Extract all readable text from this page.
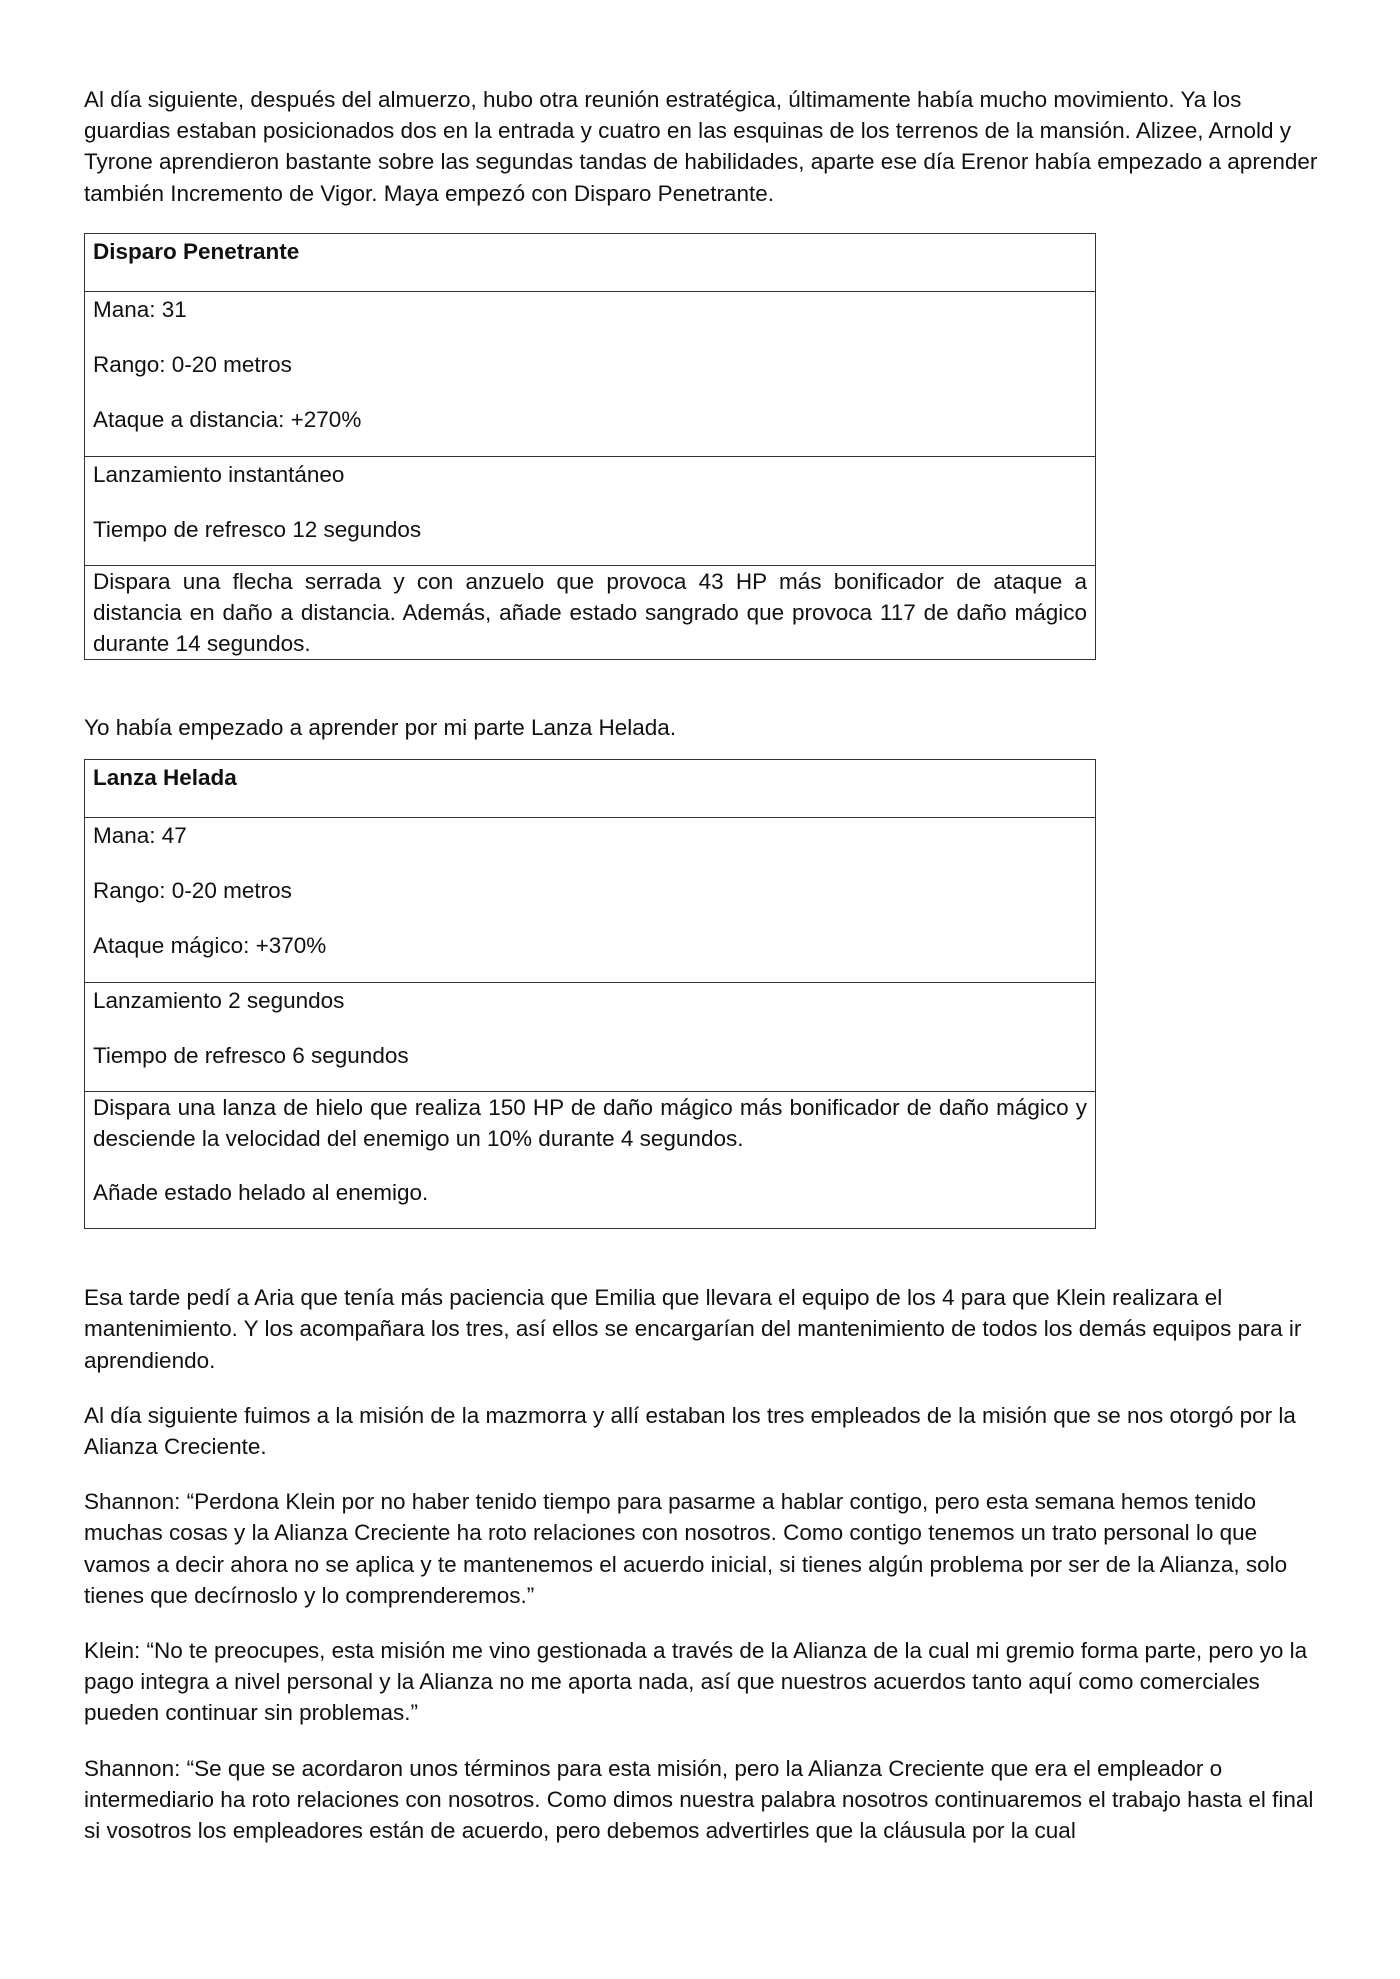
Al día siguiente, después del almuerzo, hubo otra reunión estratégica, últimamente había mucho movimiento. Ya los guardias estaban posicionados dos en la entrada y cuatro en las esquinas de los terrenos de la mansión. Alizee, Arnold y Tyrone aprendieron bastante sobre las segundas tandas de habilidades, aparte ese día Erenor había empezado a aprender también Incremento de Vigor. Maya empezó con Disparo Penetrante.

Disparo Penetrante

Mana: 31

Rango: 0-20 metros

Ataque a distancia: +270%

Lanzamiento instantáneo

Tiempo de refresco 12 segundos

Dispara una flecha serrada y con anzuelo que provoca 43 HP más bonificador de ataque a distancia en daño a distancia. Además, añade estado sangrado que provoca 117 de daño mágico durante 14 segundos.

Yo había empezado a aprender por mi parte Lanza Helada.

Lanza Helada

Mana: 47

Rango: 0-20 metros

Ataque mágico: +370%

Lanzamiento 2 segundos

Tiempo de refresco 6 segundos

Dispara una lanza de hielo que realiza 150 HP de daño mágico más bonificador de daño mágico y desciende la velocidad del enemigo un 10% durante 4 segundos.

Añade estado helado al enemigo.

Esa tarde pedí a Aria que tenía más paciencia que Emilia que llevara el equipo de los 4 para que Klein realizara el mantenimiento. Y los acompañara los tres, así ellos se encargarían del mantenimiento de todos los demás equipos para ir aprendiendo.

Al día siguiente fuimos a la misión de la mazmorra y allí estaban los tres empleados de la misión que se nos otorgó por la Alianza Creciente.

Shannon: “Perdona Klein por no haber tenido tiempo para pasarme a hablar contigo, pero esta semana hemos tenido muchas cosas y la Alianza Creciente ha roto relaciones con nosotros. Como contigo tenemos un trato personal lo que vamos a decir ahora no se aplica y te mantenemos el acuerdo inicial, si tienes algún problema por ser de la Alianza, solo tienes que decírnoslo y lo comprenderemos.”

Klein: “No te preocupes, esta misión me vino gestionada a través de la Alianza de la cual mi gremio forma parte, pero yo la pago integra a nivel personal y la Alianza no me aporta nada, así que nuestros acuerdos tanto aquí como comerciales pueden continuar sin problemas.”

Shannon: “Se que se acordaron unos términos para esta misión, pero la Alianza Creciente que era el empleador o intermediario ha roto relaciones con nosotros. Como dimos nuestra palabra nosotros continuaremos el trabajo hasta el final si vosotros los empleadores están de acuerdo, pero debemos advertirles que la cláusula por la cual
